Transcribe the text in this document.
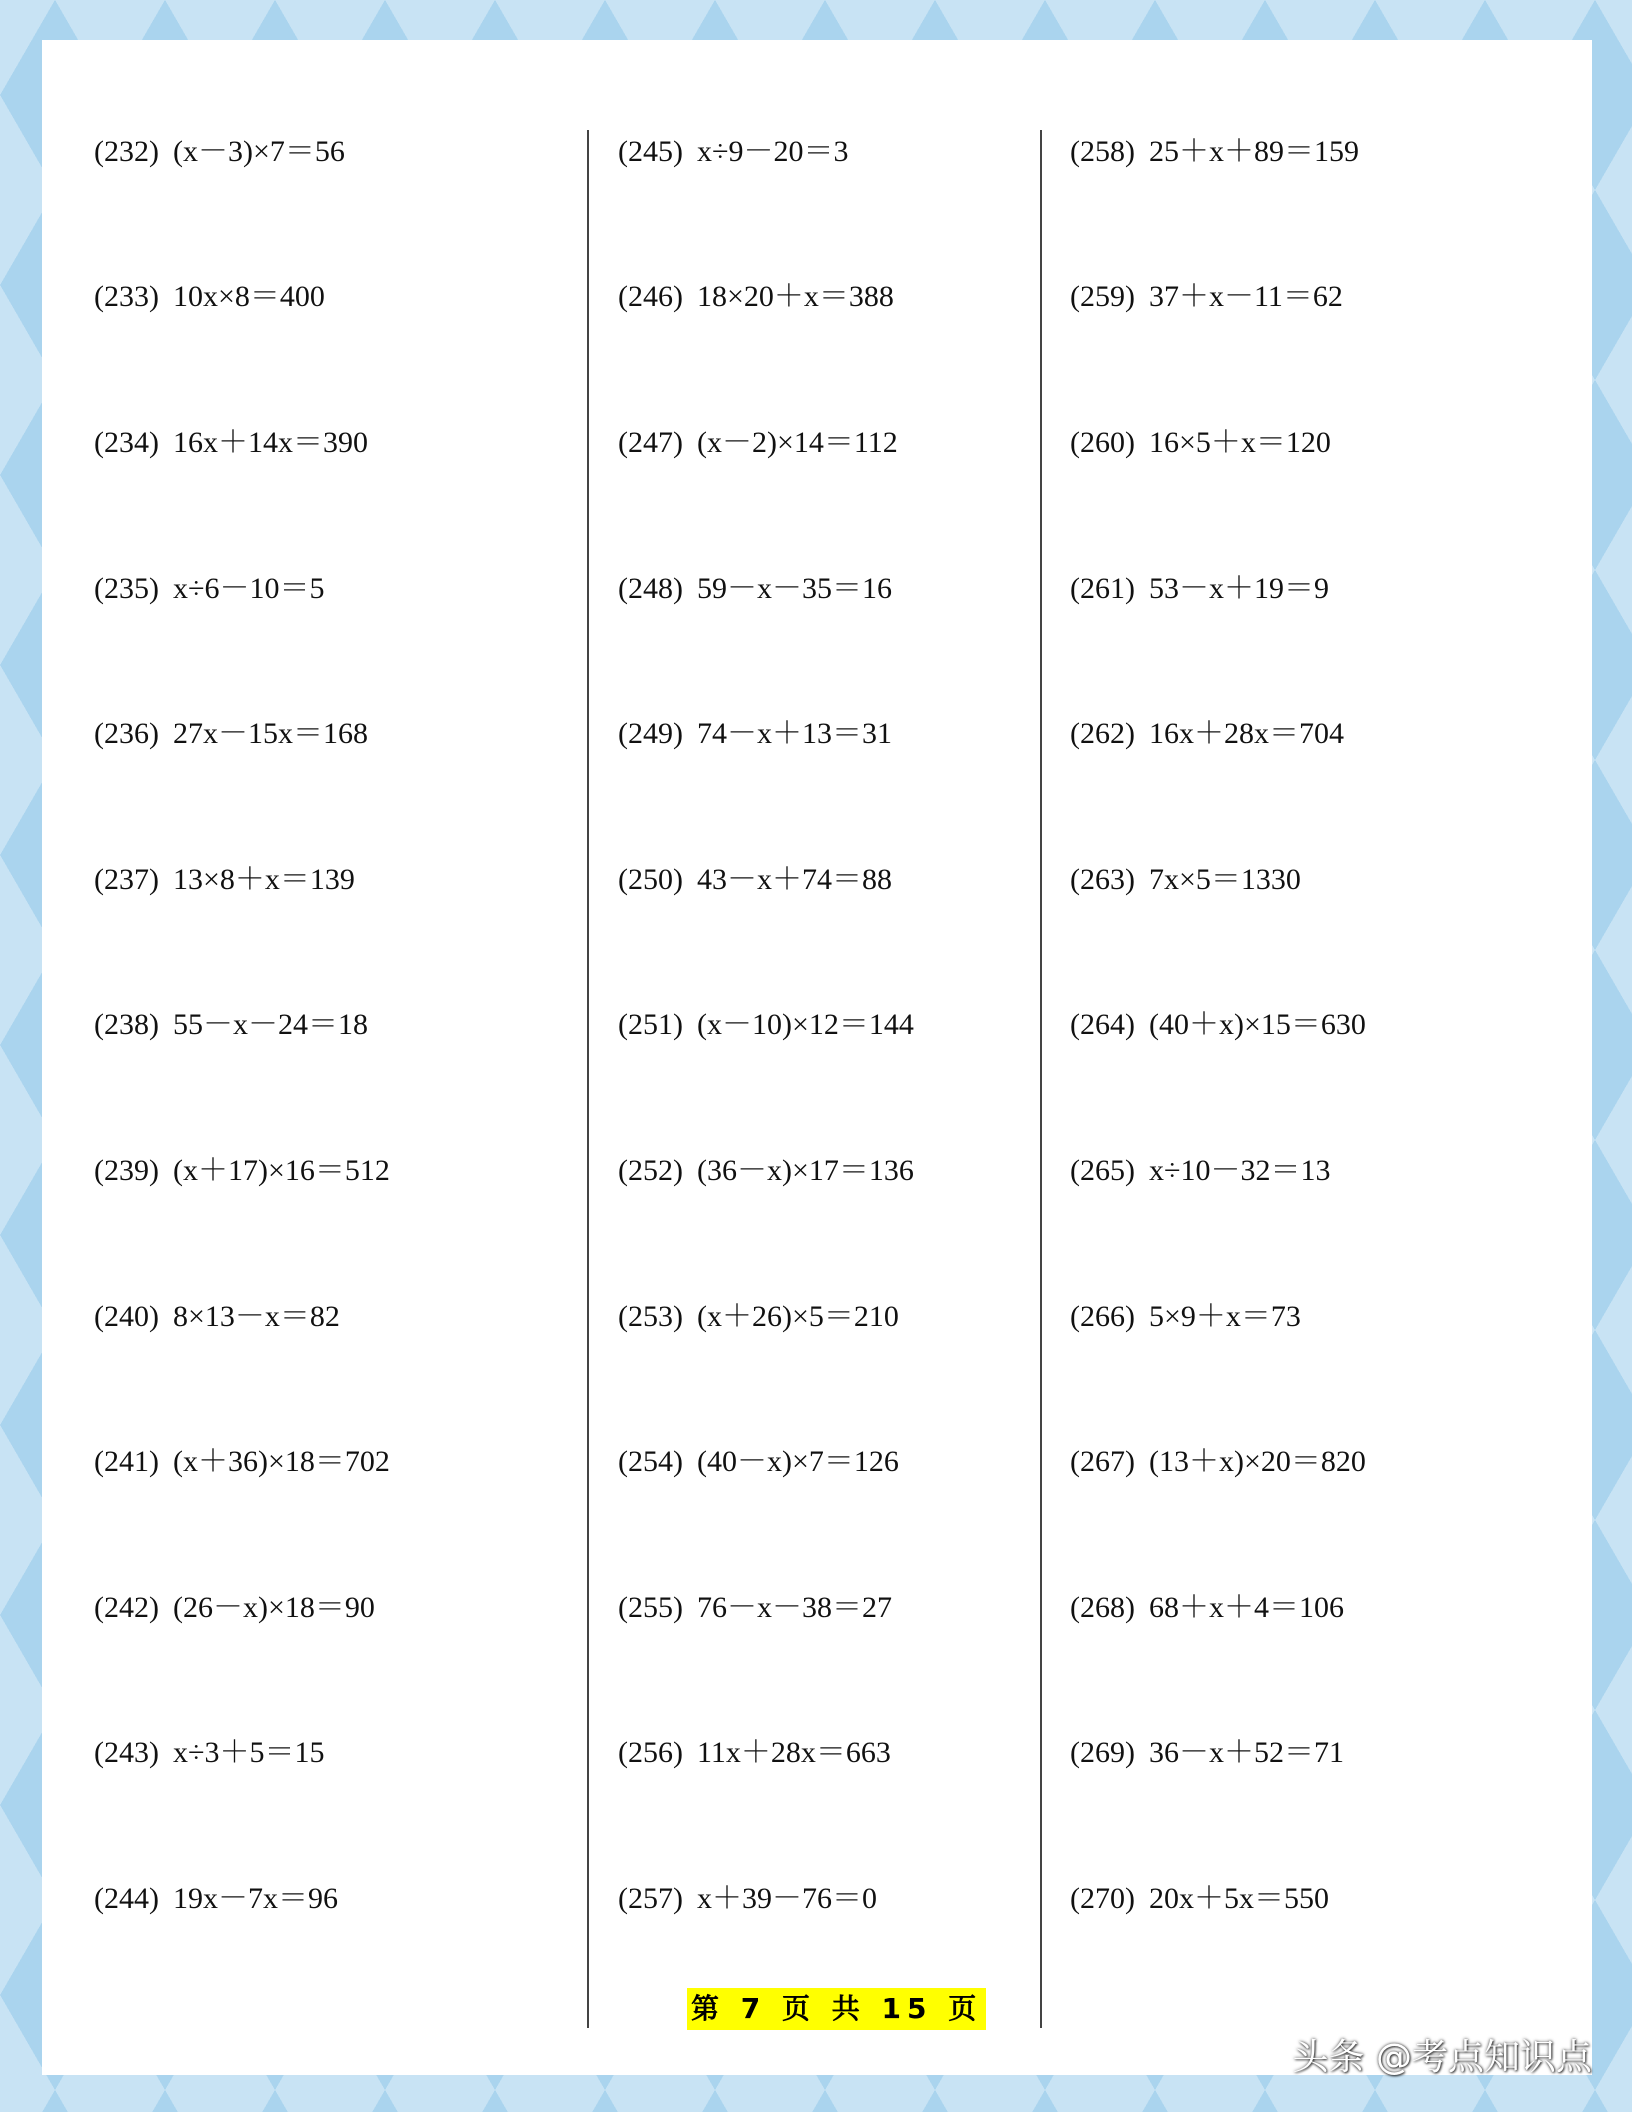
(232) (x－3)×7＝56
(233) 10x×8＝400
(234) 16x＋14x＝390
(235) x÷6－10＝5
(236) 27x－15x＝168
(237) 13×8＋x＝139
(238) 55－x－24＝18
(239) (x＋17)×16＝512
(240) 8×13－x＝82
(241) (x＋36)×18＝702
(242) (26－x)×18＝90
(243) x÷3＋5＝15
(244) 19x－7x＝96
(245) x÷9－20＝3
(246) 18×20＋x＝388
(247) (x－2)×14＝112
(248) 59－x－35＝16
(249) 74－x＋13＝31
(250) 43－x＋74＝88
(251) (x－10)×12＝144
(252) (36－x)×17＝136
(253) (x＋26)×5＝210
(254) (40－x)×7＝126
(255) 76－x－38＝27
(256) 11x＋28x＝663
(257) x＋39－76＝0
(258) 25＋x＋89＝159
(259) 37＋x－11＝62
(260) 16×5＋x＝120
(261) 53－x＋19＝9
(262) 16x＋28x＝704
(263) 7x×5＝1330
(264) (40＋x)×15＝630
(265) x÷10－32＝13
(266) 5×9＋x＝73
(267) (13＋x)×20＝820
(268) 68＋x＋4＝106
(269) 36－x＋52＝71
(270) 20x＋5x＝550
第 7 页 共 15 页
头条 @考点知识点
